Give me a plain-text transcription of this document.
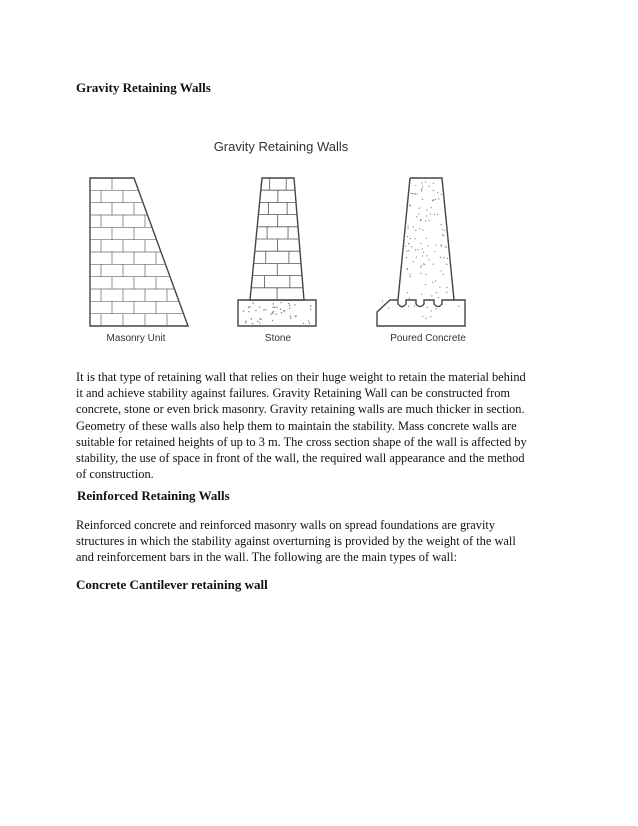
Gravity Retaining Walls
Gravity Retaining Walls
Masonry Unit	Stone	Poured Concrete
It is that type of retaining wall that relies on their huge weight to retain the material behind
it and achieve stability against failures. Gravity Retaining Wall can be constructed from
concrete, stone or even brick masonry. Gravity retaining walls are much thicker in section.
Geometry of these walls also help them to maintain the stability. Mass concrete walls are
suitable for retained heights of up to 3 m. The cross section shape of the wall is affected by
stability, the use of space in front of the wall, the required wall appearance and the method
of construction.
Reinforced Retaining Walls
Reinforced concrete and reinforced masonry walls on spread foundations are gravity
structures in which the stability against overturning is provided by the weight of the wall
and reinforcement bars in the wall. The following are the main types of wall:
Concrete Cantilever retaining wall
